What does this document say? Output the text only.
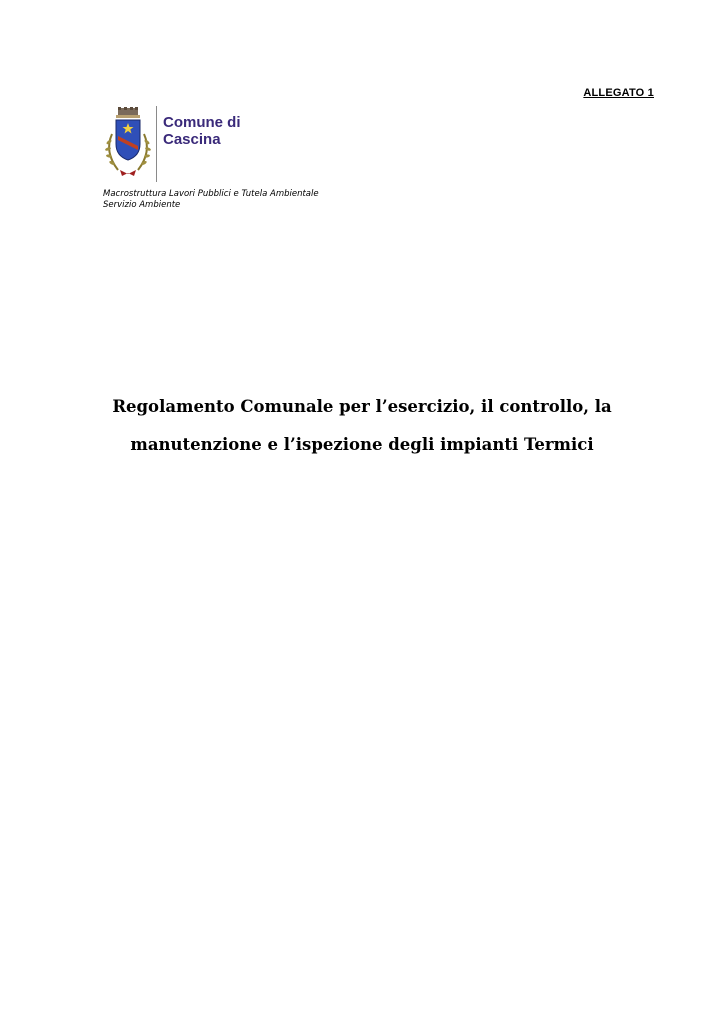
ALLEGATO 1
Comune di
Cascina
Macrostruttura Lavori Pubblici e Tutela Ambientale
Servizio Ambiente
Regolamento Comunale per l’esercizio, il controllo, la
manutenzione e l’ispezione degli impianti Termici
